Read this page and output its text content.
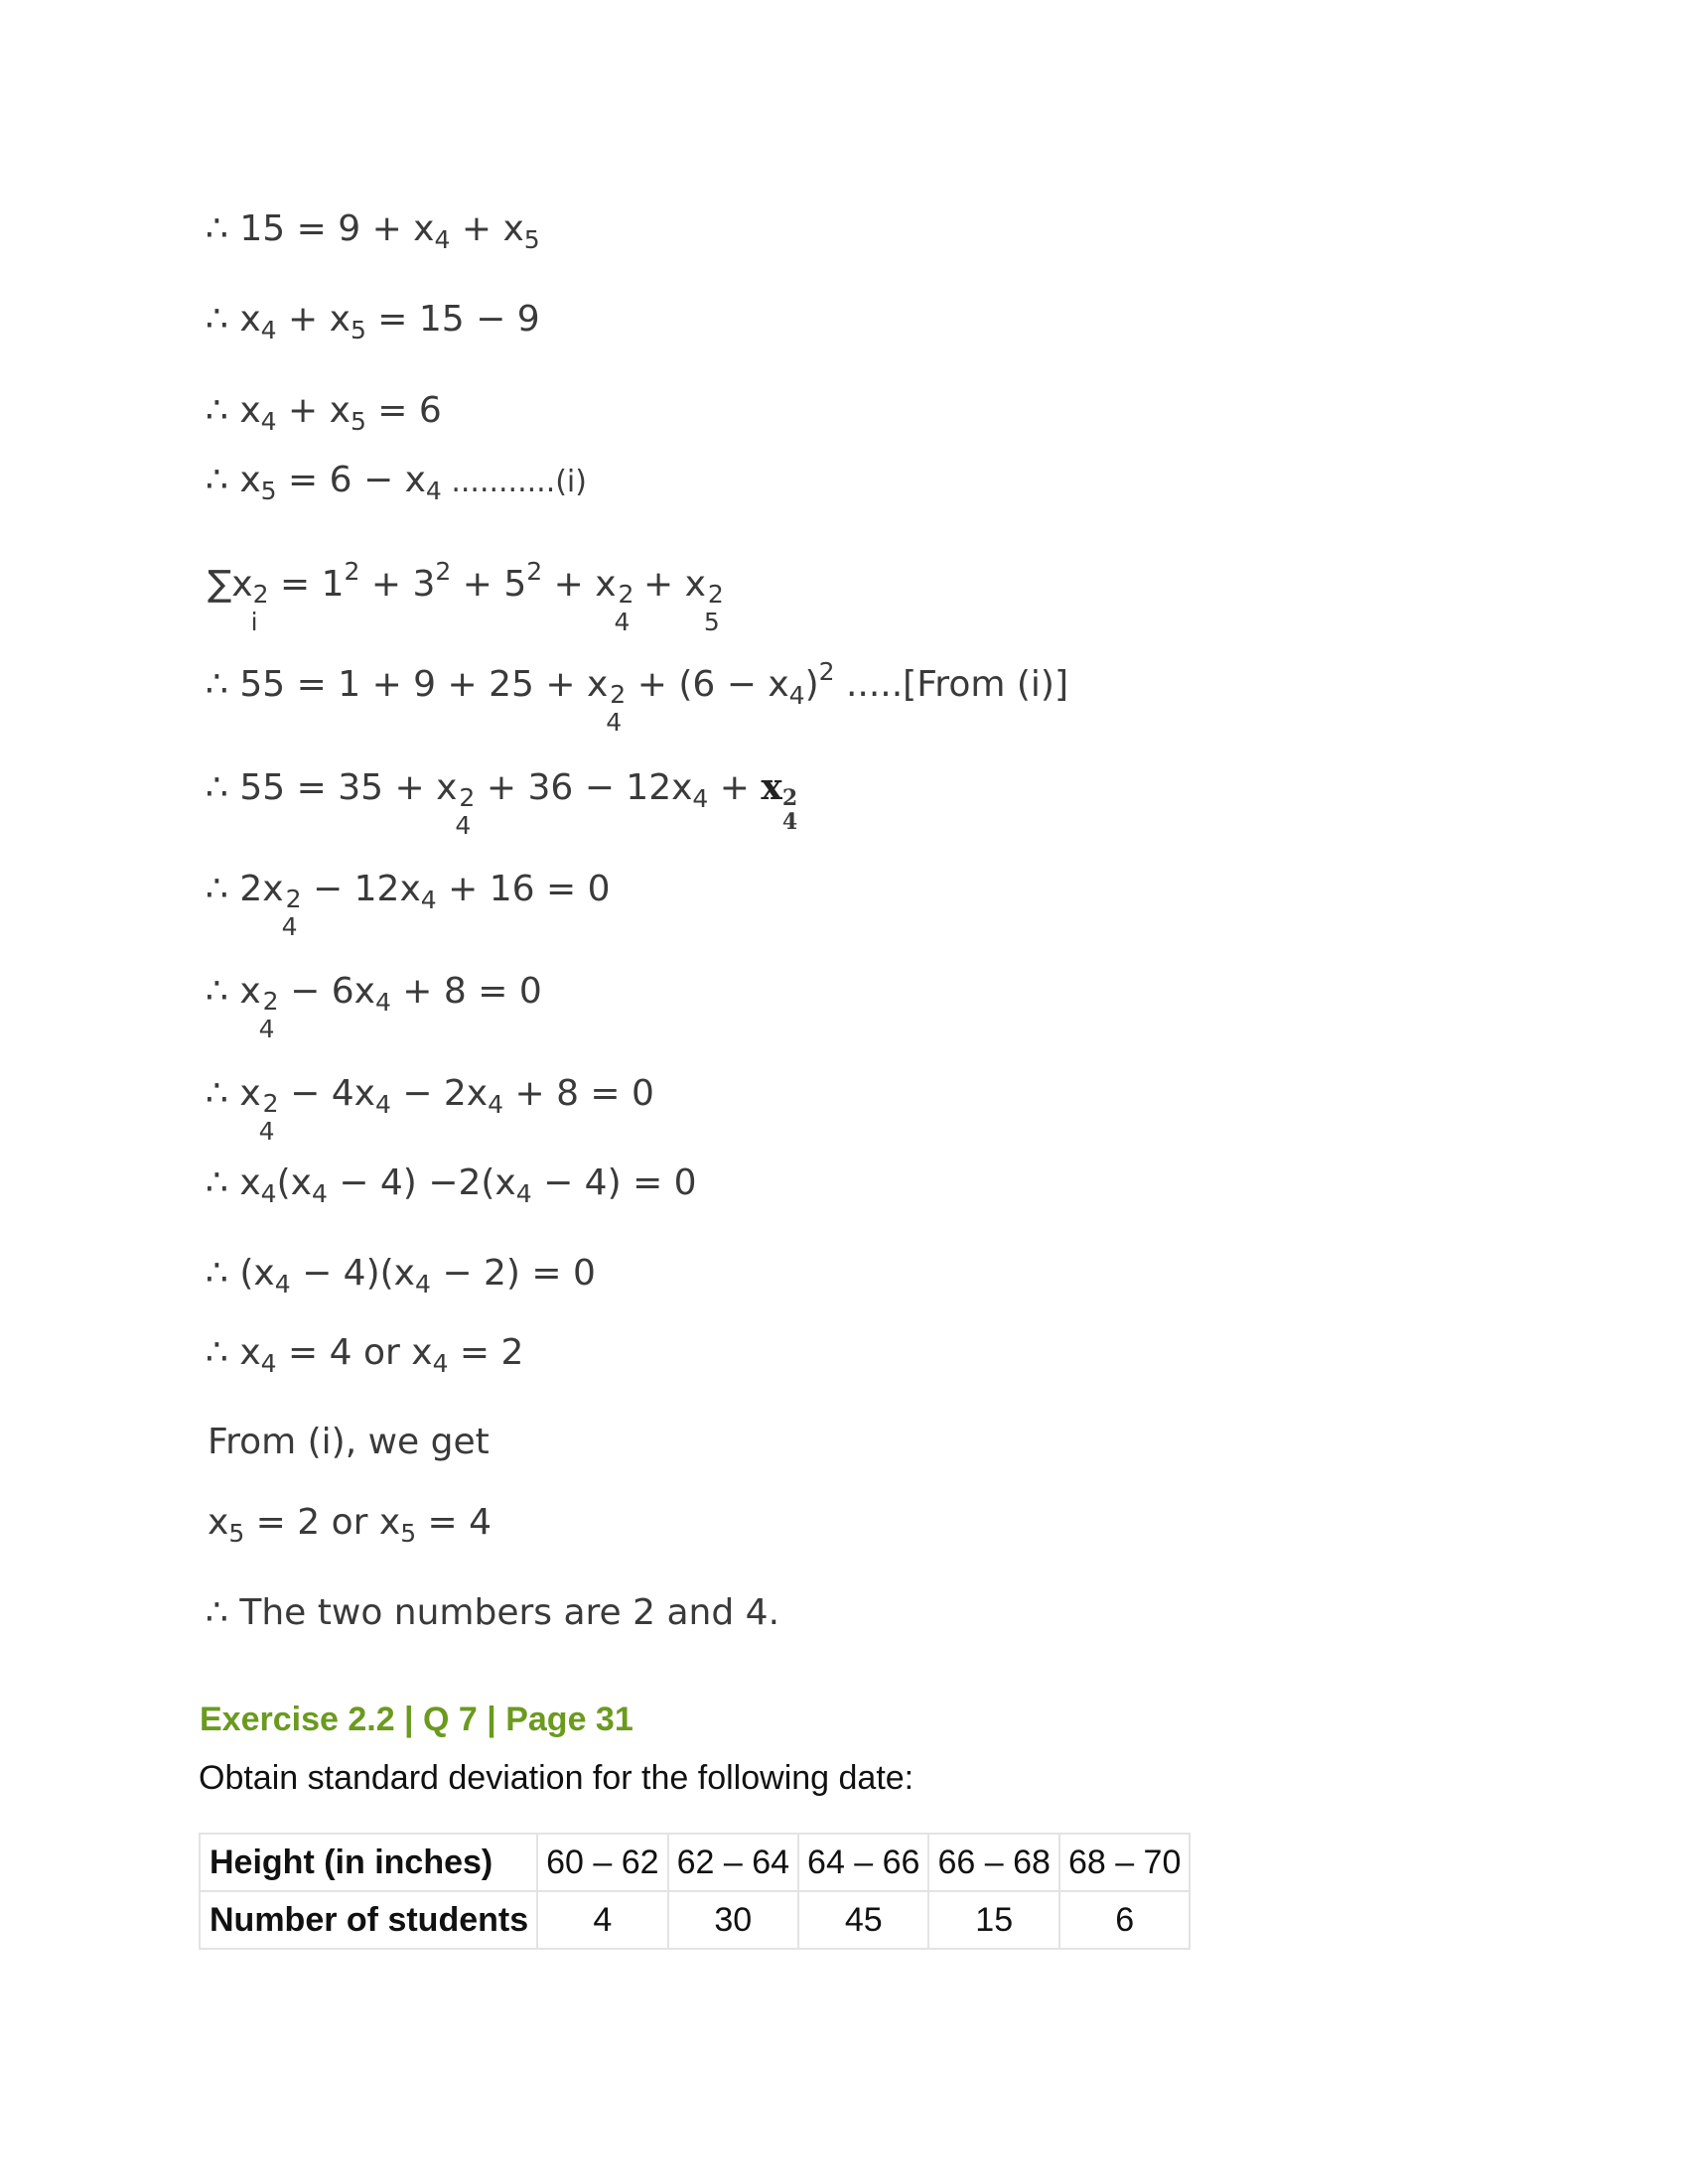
∴ $15 = 9 + x_4 + x_5$
∴ $x_4 + x_5 = 15 - 9$
∴ $x_4 + x_5 = 6$
∴ $x_5 = 6 - x_4$ ...........(i)
∑x 2
i
= $1^2 + 3^2 + 5^2 + x$ 2
4
+ x 2
5
∴ 55 = 1 + 9 + 25 + x 2
4
+ $(6 - x_4)^2$ .....[From (i)]
∴ 55 = 35 + x 2
4
+ $36 - 12x_4 + x$ 2
4
∴ 2x 2
4
− $12x_4 + 16 = 0$
∴ x 2
4
− $6x_4 + 8 = 0$
∴ x 2
4
− $4x_4 - 2x_4 + 8 = 0$
∴ $x_4(x_4 - 4) -2(x_4 - 4) = 0$
∴ $(x_4 - 4)(x_4 - 2) = 0$
∴ $x_4 = 4$ or $x_4 = 2$
From (i), we get
$x_5 = 2$ or $x_5 = 4$
∴ The two numbers are 2 and 4.
Exercise 2.2 | Q 7 | Page 31
Obtain standard deviation for the following date:
Height (in inches)	60 – 62	62 – 64	64 – 66	66 – 68	68 – 70
Number of students	4	30	45	15	6
